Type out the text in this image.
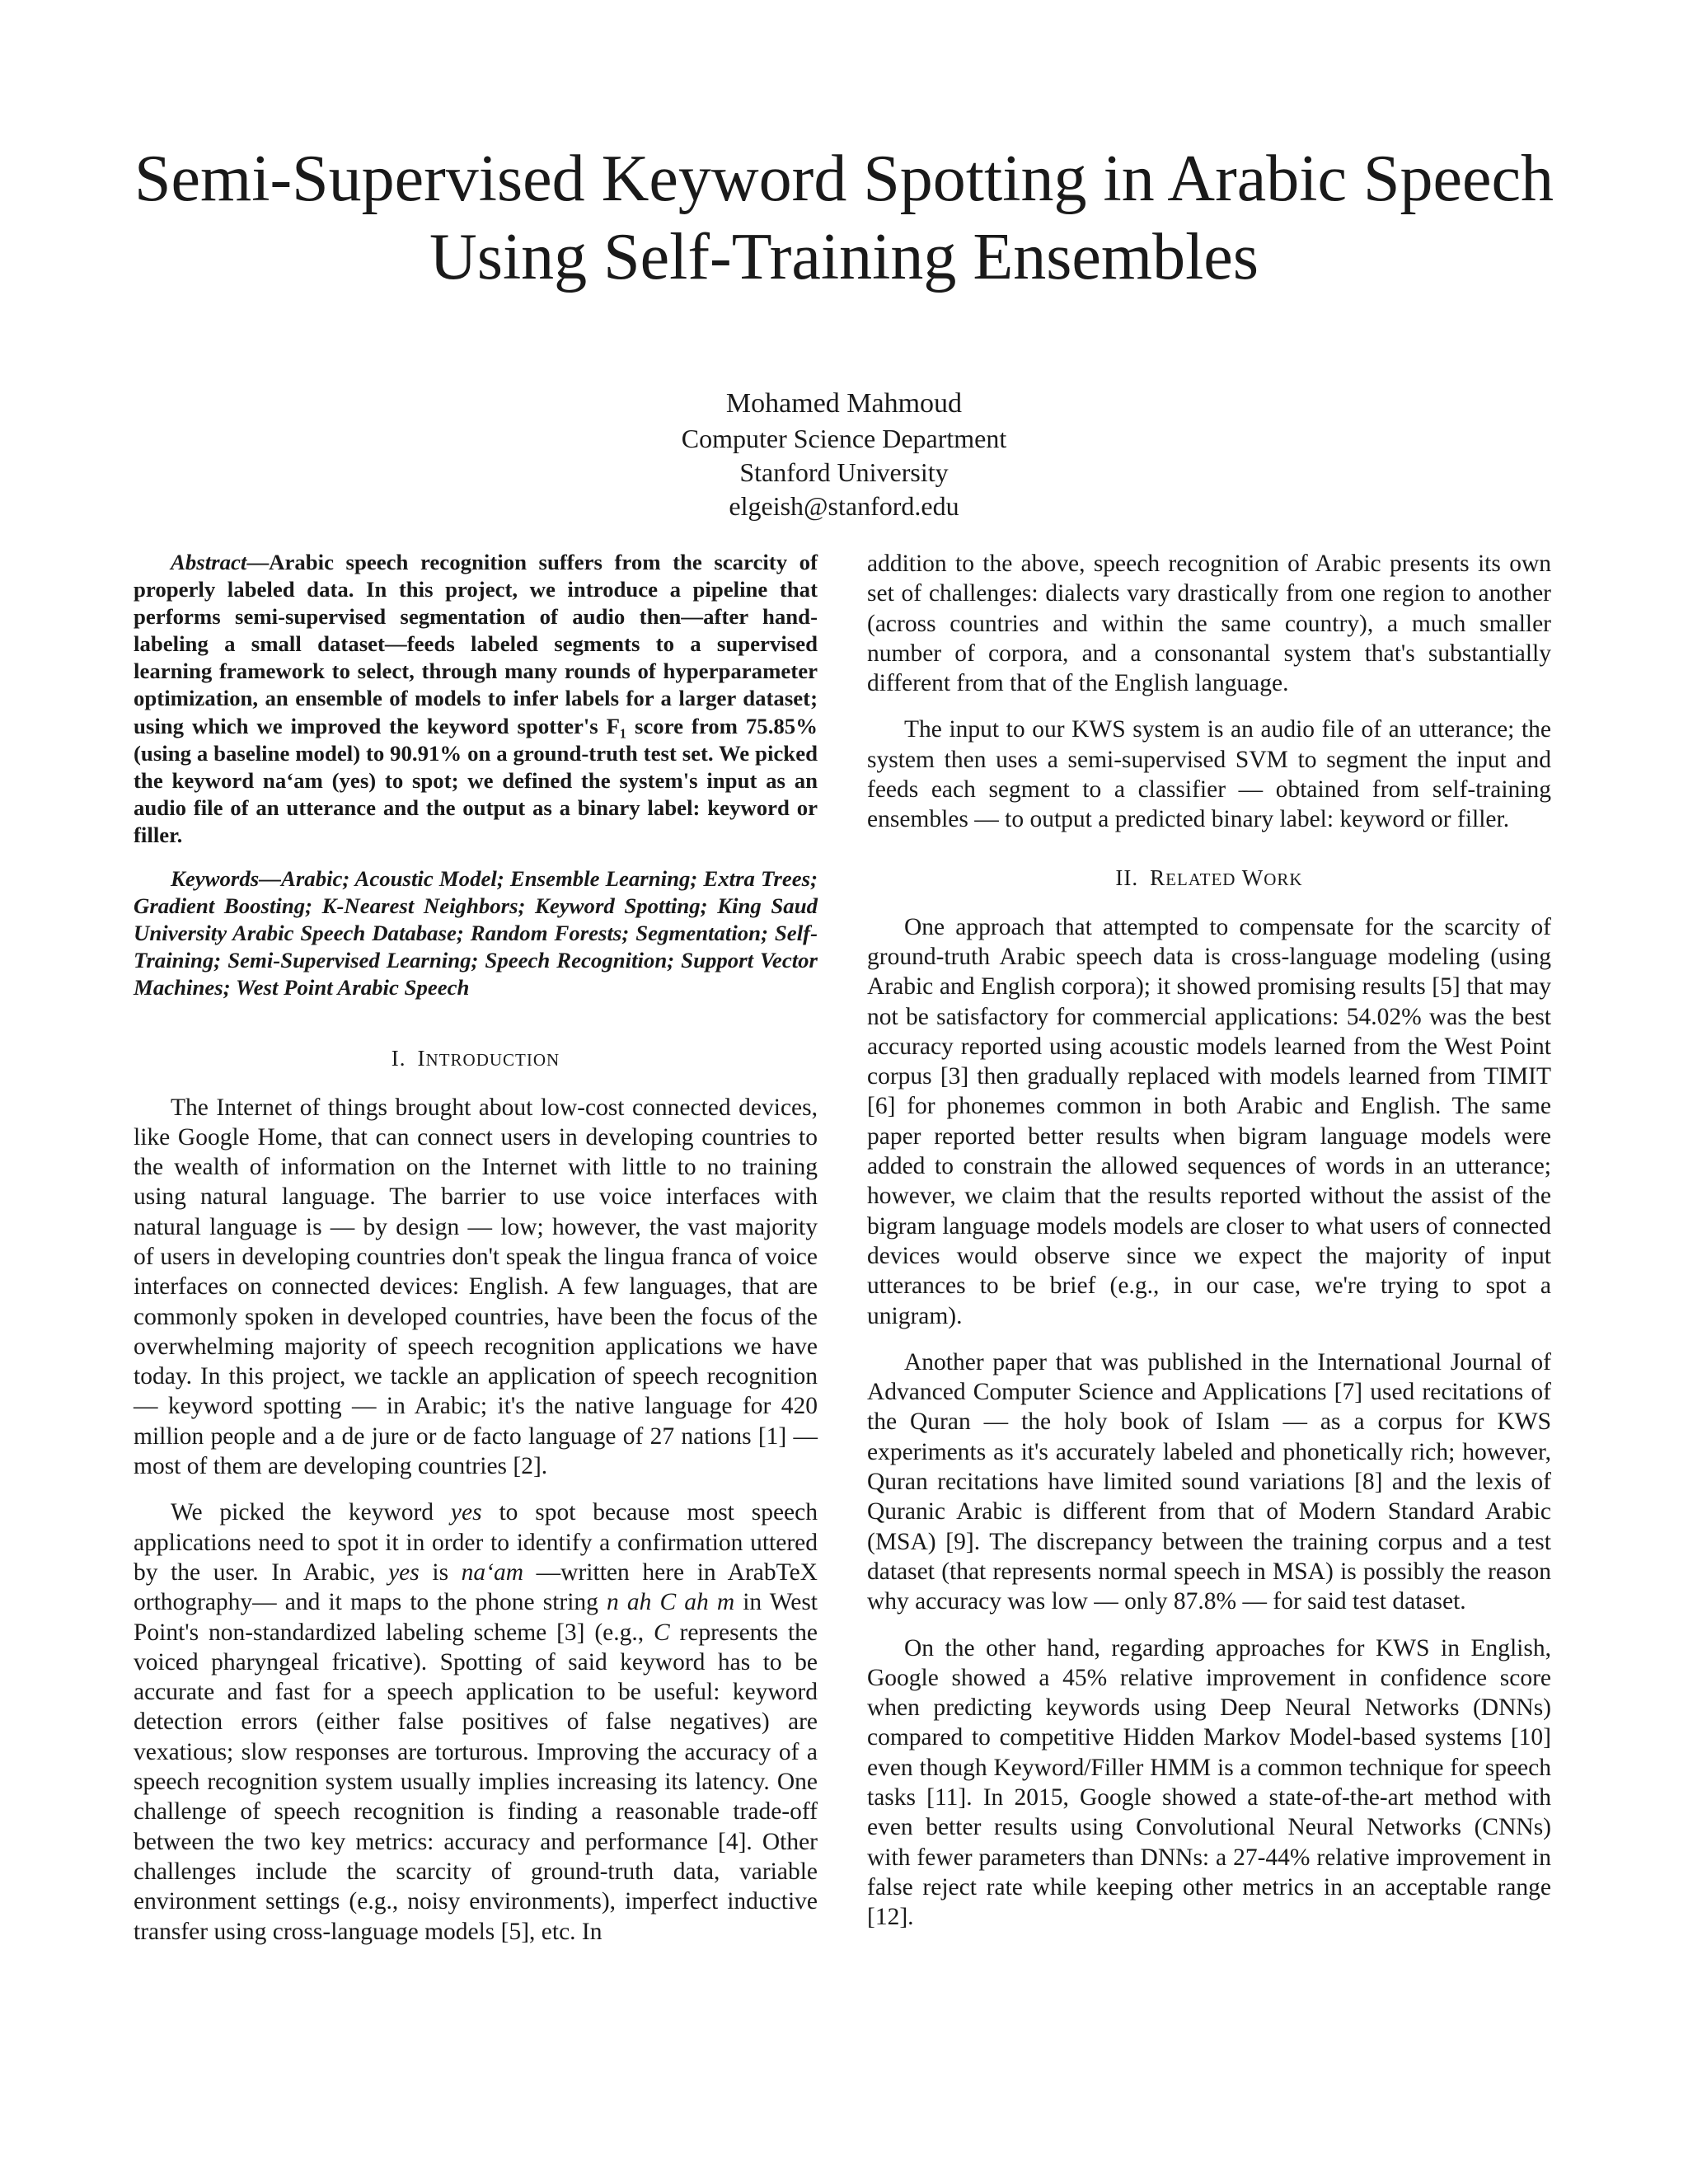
Semi-Supervised Keyword Spotting in Arabic Speech Using Self-Training Ensembles
Mohamed Mahmoud
Computer Science Department
Stanford University
elgeish@stanford.edu

Abstract—Arabic speech recognition suffers from the scarcity of properly labeled data. In this project, we introduce a pipeline that performs semi-supervised segmentation of audio then—after hand-labeling a small dataset—feeds labeled segments to a supervised learning framework to select, through many rounds of hyperparameter optimization, an ensemble of models to infer labels for a larger dataset; using which we improved the keyword spotter's F₁ score from 75.85% (using a baseline model) to 90.91% on a ground-truth test set. We picked the keyword na‘am (yes) to spot; we defined the system's input as an audio file of an utterance and the output as a binary label: keyword or filler.

Keywords—Arabic; Acoustic Model; Ensemble Learning; Extra Trees; Gradient Boosting; K-Nearest Neighbors; Keyword Spotting; King Saud University Arabic Speech Database; Random Forests; Segmentation; Self-Training; Semi-Supervised Learning; Speech Recognition; Support Vector Machines; West Point Arabic Speech

I. INTRODUCTION

The Internet of things brought about low-cost connected devices, like Google Home, that can connect users in developing countries to the wealth of information on the Internet with little to no training using natural language. The barrier to use voice interfaces with natural language is — by design — low; however, the vast majority of users in developing countries don't speak the lingua franca of voice interfaces on connected devices: English. A few languages, that are commonly spoken in developed countries, have been the focus of the overwhelming majority of speech recognition applications we have today. In this project, we tackle an application of speech recognition — keyword spotting — in Arabic; it's the native language for 420 million people and a de jure or de facto language of 27 nations [1] — most of them are developing countries [2].

We picked the keyword yes to spot because most speech applications need to spot it in order to identify a confirmation uttered by the user. In Arabic, yes is na‘am —written here in ArabTeX orthography— and it maps to the phone string n ah C ah m in West Point's non-standardized labeling scheme [3] (e.g., C represents the voiced pharyngeal fricative). Spotting of said keyword has to be accurate and fast for a speech application to be useful: keyword detection errors (either false positives of false negatives) are vexatious; slow responses are torturous. Improving the accuracy of a speech recognition system usually implies increasing its latency. One challenge of speech recognition is finding a reasonable trade-off between the two key metrics: accuracy and performance [4]. Other challenges include the scarcity of ground-truth data, variable environment settings (e.g., noisy environments), imperfect inductive transfer using cross-language models [5], etc. In

addition to the above, speech recognition of Arabic presents its own set of challenges: dialects vary drastically from one region to another (across countries and within the same country), a much smaller number of corpora, and a consonantal system that's substantially different from that of the English language.

The input to our KWS system is an audio file of an utterance; the system then uses a semi-supervised SVM to segment the input and feeds each segment to a classifier — obtained from self-training ensembles — to output a predicted binary label: keyword or filler.

II. RELATED WORK

One approach that attempted to compensate for the scarcity of ground-truth Arabic speech data is cross-language modeling (using Arabic and English corpora); it showed promising results [5] that may not be satisfactory for commercial applications: 54.02% was the best accuracy reported using acoustic models learned from the West Point corpus [3] then gradually replaced with models learned from TIMIT [6] for phonemes common in both Arabic and English. The same paper reported better results when bigram language models were added to constrain the allowed sequences of words in an utterance; however, we claim that the results reported without the assist of the bigram language models models are closer to what users of connected devices would observe since we expect the majority of input utterances to be brief (e.g., in our case, we're trying to spot a unigram).

Another paper that was published in the International Journal of Advanced Computer Science and Applications [7] used recitations of the Quran — the holy book of Islam — as a corpus for KWS experiments as it's accurately labeled and phonetically rich; however, Quran recitations have limited sound variations [8] and the lexis of Quranic Arabic is different from that of Modern Standard Arabic (MSA) [9]. The discrepancy between the training corpus and a test dataset (that represents normal speech in MSA) is possibly the reason why accuracy was low — only 87.8% — for said test dataset.

On the other hand, regarding approaches for KWS in English, Google showed a 45% relative improvement in confidence score when predicting keywords using Deep Neural Networks (DNNs) compared to competitive Hidden Markov Model-based systems [10] even though Keyword/Filler HMM is a common technique for speech tasks [11]. In 2015, Google showed a state-of-the-art method with even better results using Convolutional Neural Networks (CNNs) with fewer parameters than DNNs: a 27-44% relative improvement in false reject rate while keeping other metrics in an acceptable range [12].
